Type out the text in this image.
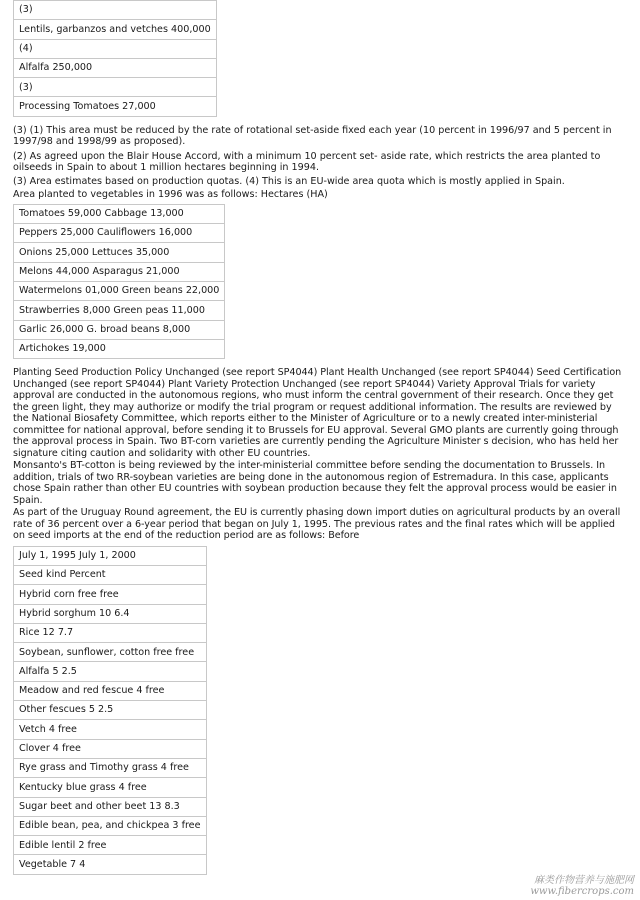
(3)
Lentils, garbanzos and vetches 400,000
(4)
Alfalfa 250,000
(3)
Processing Tomatoes 27,000

(3) (1) This area must be reduced by the rate of rotational set-aside fixed each year (10 percent in 1996/97 and 5 percent in 1997/98 and 1998/99 as proposed).

(2) As agreed upon the Blair House Accord, with a minimum 10 percent set- aside rate, which restricts the area planted to oilseeds in Spain to about 1 million hectares beginning in 1994.

(3) Area estimates based on production quotas. (4) This is an EU-wide area quota which is mostly applied in Spain.

Area planted to vegetables in 1996 was as follows: Hectares (HA)

Tomatoes 59,000 Cabbage 13,000
Peppers 25,000 Cauliflowers 16,000
Onions 25,000 Lettuces 35,000
Melons 44,000 Asparagus 21,000
Watermelons 01,000 Green beans 22,000
Strawberries 8,000 Green peas 11,000
Garlic 26,000 G. broad beans 8,000
Artichokes 19,000

Planting Seed Production Policy Unchanged (see report SP4044) Plant Health Unchanged (see report SP4044) Seed Certification Unchanged (see report SP4044) Plant Variety Protection Unchanged (see report SP4044) Variety Approval Trials for variety approval are conducted in the autonomous regions, who must inform the central government of their research. Once they get the green light, they may authorize or modify the trial program or request additional information. The results are reviewed by the National Biosafety Committee, which reports either to the Minister of Agriculture or to a newly created inter-ministerial committee for national approval, before sending it to Brussels for EU approval. Several GMO plants are currently going through the approval process in Spain. Two BT-corn varieties are currently pending the Agriculture Minister s decision, who has held her signature citing caution and solidarity with other EU countries.

Monsanto's BT-cotton is being reviewed by the inter-ministerial committee before sending the documentation to Brussels. In addition, trials of two RR-soybean varieties are being done in the autonomous region of Estremadura. In this case, applicants chose Spain rather than other EU countries with soybean production because they felt the approval process would be easier in Spain.

As part of the Uruguay Round agreement, the EU is currently phasing down import duties on agricultural products by an overall rate of 36 percent over a 6-year period that began on July 1, 1995. The previous rates and the final rates which will be applied on seed imports at the end of the reduction period are as follows: Before

July 1, 1995 July 1, 2000
Seed kind Percent
Hybrid corn free free
Hybrid sorghum 10 6.4
Rice 12 7.7
Soybean, sunflower, cotton free free
Alfalfa 5 2.5
Meadow and red fescue 4 free
Other fescues 5 2.5
Vetch 4 free
Clover 4 free
Rye grass and Timothy grass 4 free
Kentucky blue grass 4 free
Sugar beet and other beet 13 8.3
Edible bean, pea, and chickpea 3 free
Edible lentil 2 free
Vegetable 7 4
麻类作物营养与施肥网
www.fibercrops.com
